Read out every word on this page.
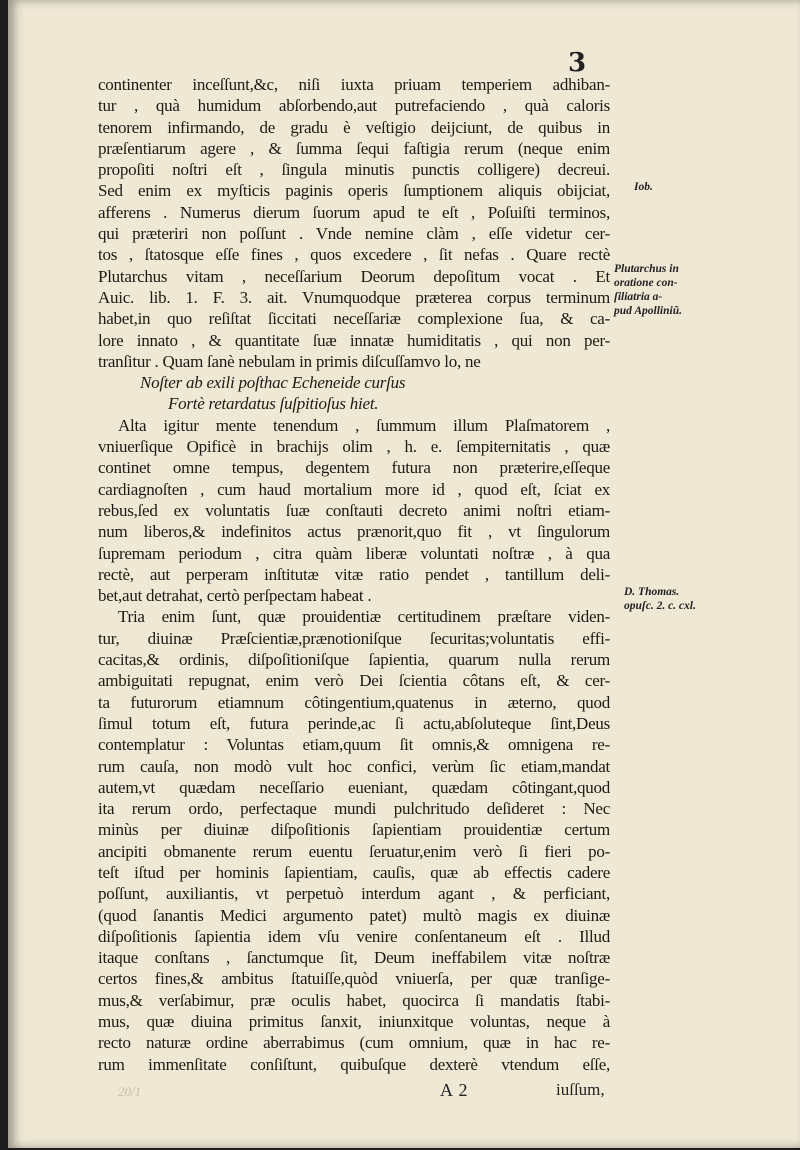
3
continenter inceſſunt,&c, niſi iuxta priuam temperiem adhiban-
tur , quà humidum abſorbendo,aut putrefaciendo , quà caloris
tenorem infirmando, de gradu è veſtigio deijciunt, de quibus in
præſentiarum agere , & ſumma ſequi faſtigia rerum (neque enim
propoſiti noſtri eſt , ſingula minutis punctis colligere) decreui.
Sed enim ex myſticis paginis operis ſumptionem aliquis obijciat,
afferens . Numerus dierum ſuorum apud te eſt , Poſuiſti terminos,
qui præteriri non poſſunt . Vnde nemine clàm , eſſe videtur cer-
tos , ſtatosque eſſe fines , quos excedere , ſit nefas . Quare rectè
Plutarchus vitam , neceſſarium Deorum depoſitum vocat . Et
Auic. lib. 1. F. 3. ait. Vnumquodque præterea corpus terminum
habet,in quo reſiſtat ſiccitati neceſſariæ complexione ſua, & ca-
lore innato , & quantitate ſuæ innatæ humiditatis , qui non per-
tranſitur . Quam ſanè nebulam in primis diſcuſſamvo lo, ne
Noſter ab exili poſthac Echeneide curſus
Fortè retardatus ſuſpitioſus hiet.
Alta igitur mente tenendum , ſummum illum Plaſmatorem ,
vniuerſique Opificè in brachijs olim , h. e. ſempiternitatis , quæ
continet omne tempus, degentem futura non præterire,eſſeque
cardiagnoſten , cum haud mortalium more id , quod eſt, ſciat ex
rebus,ſed ex voluntatis ſuæ conſtauti decreto animi noſtri etiam-
num liberos,& indefinitos actus prænorit,quo fit , vt ſingulorum
ſupremam periodum , citra quàm liberæ voluntati noſtræ , à qua
rectè, aut perperam inſtitutæ vitæ ratio pendet , tantillum deli-
bet,aut detrahat, certò perſpectam habeat .
Tria enim ſunt, quæ prouidentiæ certitudinem præſtare viden-
tur, diuinæ Præſcientiæ,prænotioniſque ſecuritas;voluntatis effi-
cacitas,& ordinis, diſpoſitioniſque ſapientia, quarum nulla rerum
ambiguitati repugnat, enim verò Dei ſcientia côtans eſt, & cer-
ta futurorum etiamnum côtingentium,quatenus in æterno, quod
ſimul totum eſt, futura perinde,ac ſi actu,abſoluteque ſint,Deus
contemplatur : Voluntas etiam,quum ſit omnis,& omnigena re-
rum cauſa, non modò vult hoc confici, verùm ſic etiam,mandat
autem,vt quædam neceſſario eueniant, quædam côtingant,quod
ita rerum ordo, perfectaque mundi pulchritudo deſideret : Nec
minùs per diuinæ diſpoſitionis ſapientiam prouidentiæ certum
ancipiti obmanente rerum euentu ſeruatur,enim verò ſi fieri po-
teſt iſtud per hominis ſapientiam, cauſis, quæ ab effectis cadere
poſſunt, auxiliantis, vt perpetuò interdum agant , & perficiant,
(quod ſanantis Medici argumento patet) multò magis ex diuinæ
diſpoſitionis ſapientia idem vſu venire conſentaneum eſt . Illud
itaque conſtans , ſanctumque ſit, Deum ineffabilem vitæ noſtræ
certos fines,& ambitus ſtatuiſſe,quòd vniuerſa, per quæ tranſige-
mus,& verſabimur, præ oculis habet, quocirca ſi mandatis ſtabi-
mus, quæ diuina primitus ſanxit, iniunxitque voluntas, neque à
recto naturæ ordine aberrabimus (cum omnium, quæ in hac re-
rum immenſitate conſiſtunt, quibuſque dexterè vtendum eſſe,
Iob.
Plutarchus in
oratione con-
ſiliatria a-
pud Apolliniũ.
D. Thomas.
opuſc. 2. c. cxl.
20/1	A 2	iuſſum,
